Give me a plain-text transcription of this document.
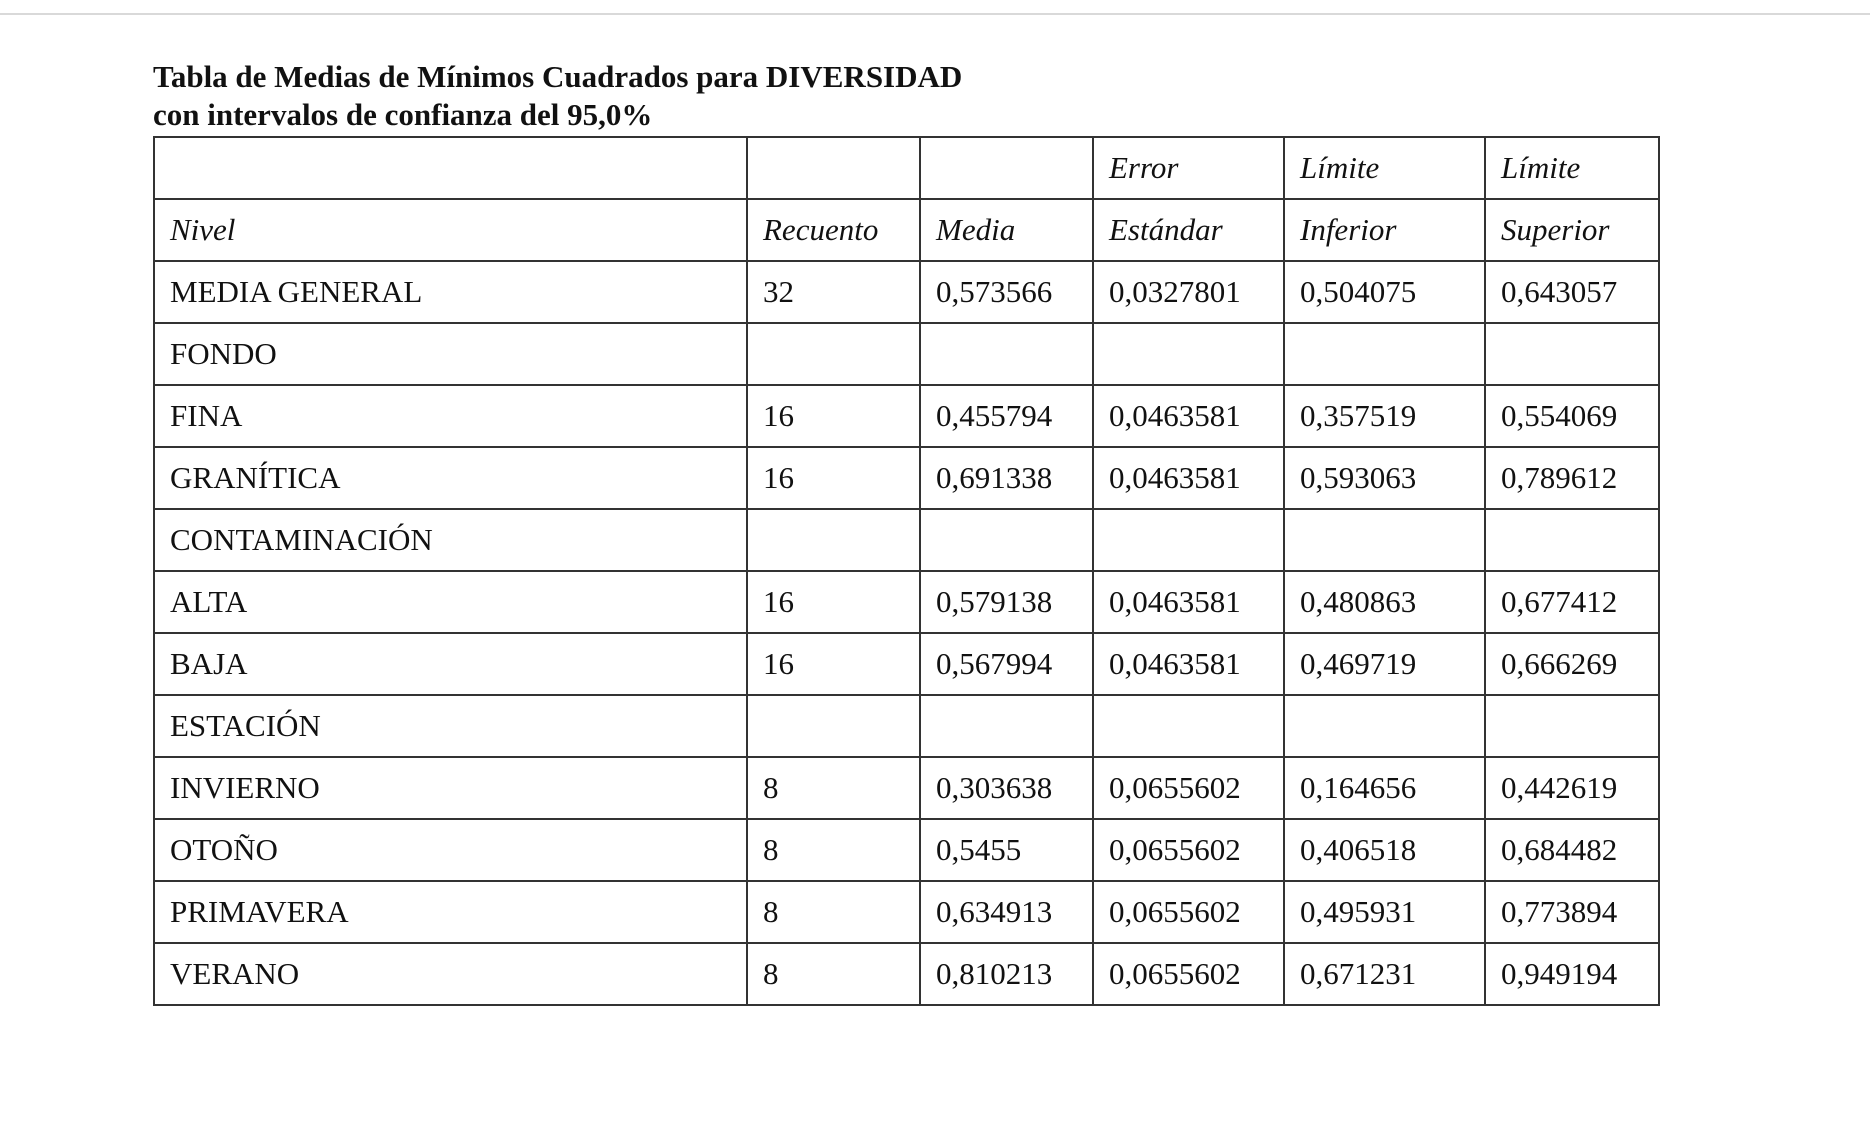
Tabla de Medias de Mínimos Cuadrados para DIVERSIDAD
con intervalos de confianza del 95,0%
			Error	Límite	Límite
Nivel	Recuento	Media	Estándar	Inferior	Superior
MEDIA GENERAL	32	0,573566	0,0327801	0,504075	0,643057
FONDO					
FINA	16	0,455794	0,0463581	0,357519	0,554069
GRANÍTICA	16	0,691338	0,0463581	0,593063	0,789612
CONTAMINACIÓN					
ALTA	16	0,579138	0,0463581	0,480863	0,677412
BAJA	16	0,567994	0,0463581	0,469719	0,666269
ESTACIÓN					
INVIERNO	8	0,303638	0,0655602	0,164656	0,442619
OTOÑO	8	0,5455	0,0655602	0,406518	0,684482
PRIMAVERA	8	0,634913	0,0655602	0,495931	0,773894
VERANO	8	0,810213	0,0655602	0,671231	0,949194
